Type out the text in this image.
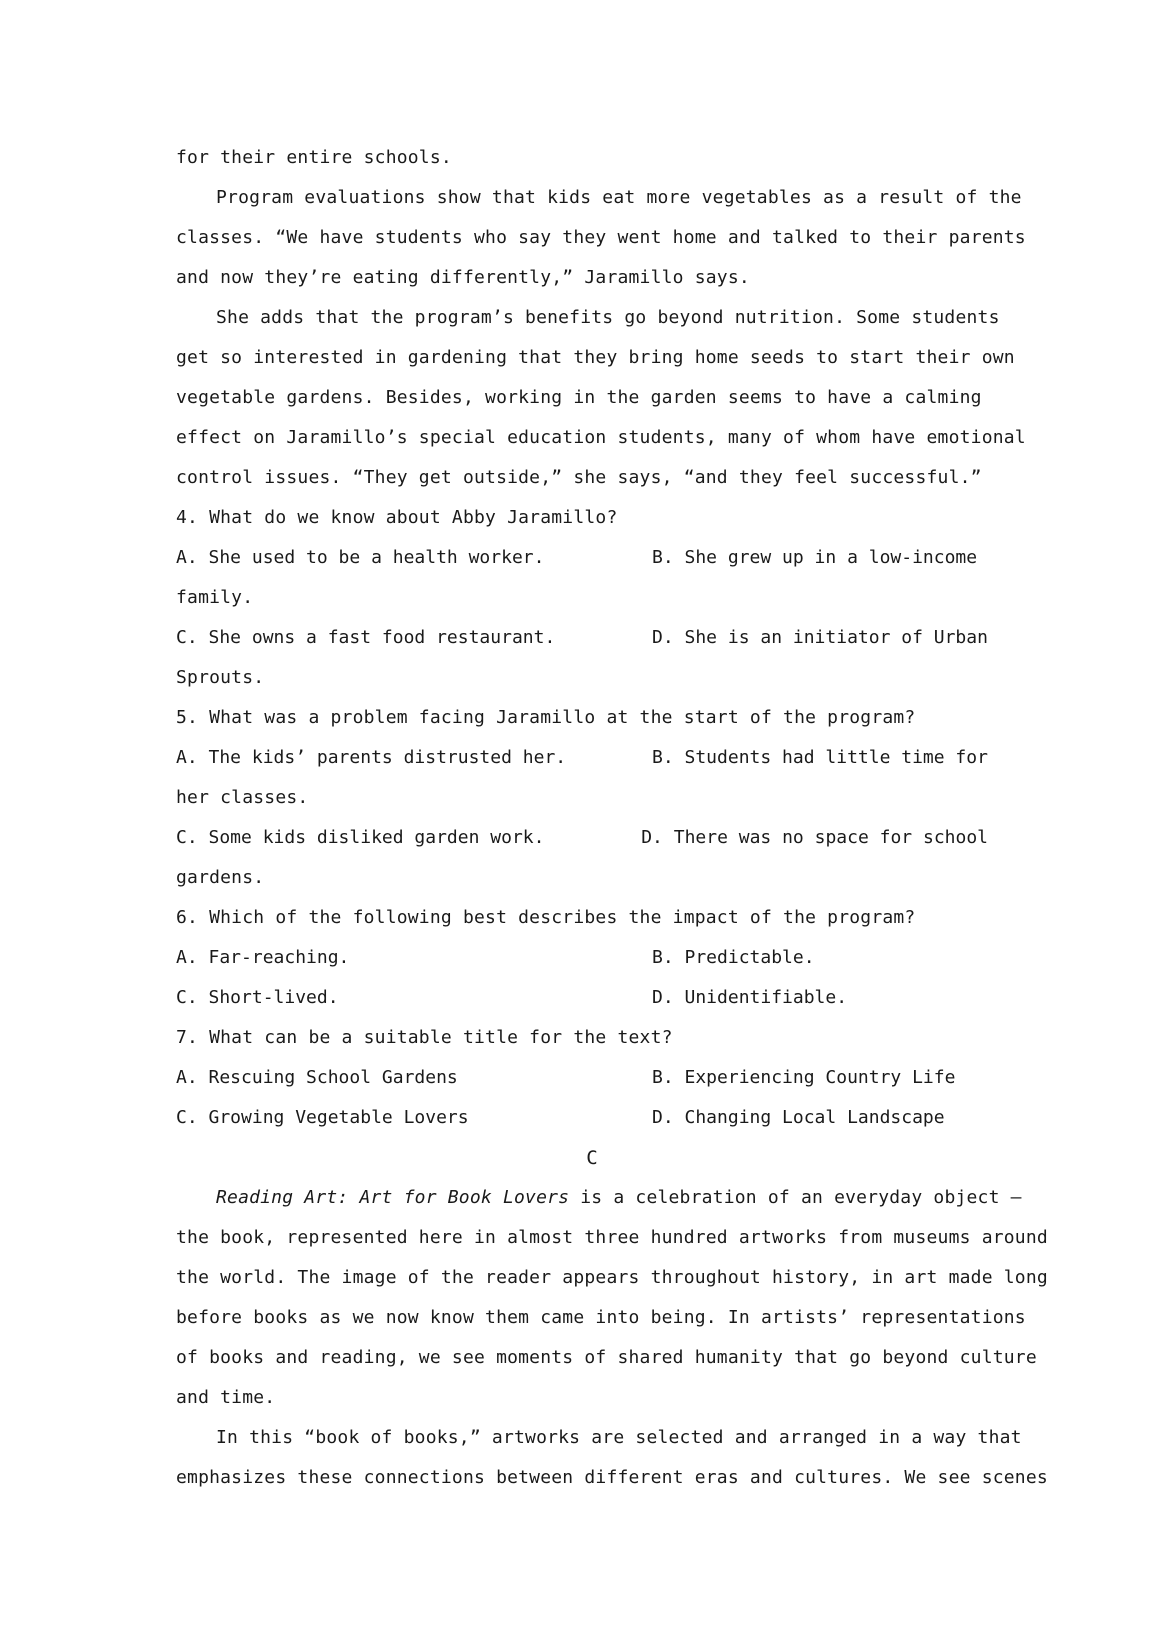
for their entire schools.
Program evaluations show that kids eat more vegetables as a result of the
classes. “We have students who say they went home and talked to their parents
and now they’re eating differently,” Jaramillo says.
She adds that the program’s benefits go beyond nutrition. Some students
get so interested in gardening that they bring home seeds to start their own
vegetable gardens. Besides, working in the garden seems to have a calming
effect on Jaramillo’s special education students, many of whom have emotional
control issues. “They get outside,” she says, “and they feel successful.”
4. What do we know about Abby Jaramillo?
A. She used to be a health worker.	B. She grew up in a low-income
family.
C. She owns a fast food restaurant.	D. She is an initiator of Urban
Sprouts.
5. What was a problem facing Jaramillo at the start of the program?
A. The kids’ parents distrusted her.	B. Students had little time for
her classes.
C. Some kids disliked garden work.	D. There was no space for school
gardens.
6. Which of the following best describes the impact of the program?
A. Far-reaching.	B. Predictable.
C. Short-lived.	D. Unidentifiable.
7. What can be a suitable title for the text?
A. Rescuing School Gardens	B. Experiencing Country Life
C. Growing Vegetable Lovers	D. Changing Local Landscape
C
Reading Art: Art for Book Lovers is a celebration of an everyday object —
the book, represented here in almost three hundred artworks from museums around
the world. The image of the reader appears throughout history, in art made long
before books as we now know them came into being. In artists’ representations
of books and reading, we see moments of shared humanity that go beyond culture
and time.
In this “book of books,” artworks are selected and arranged in a way that
emphasizes these connections between different eras and cultures. We see scenes
